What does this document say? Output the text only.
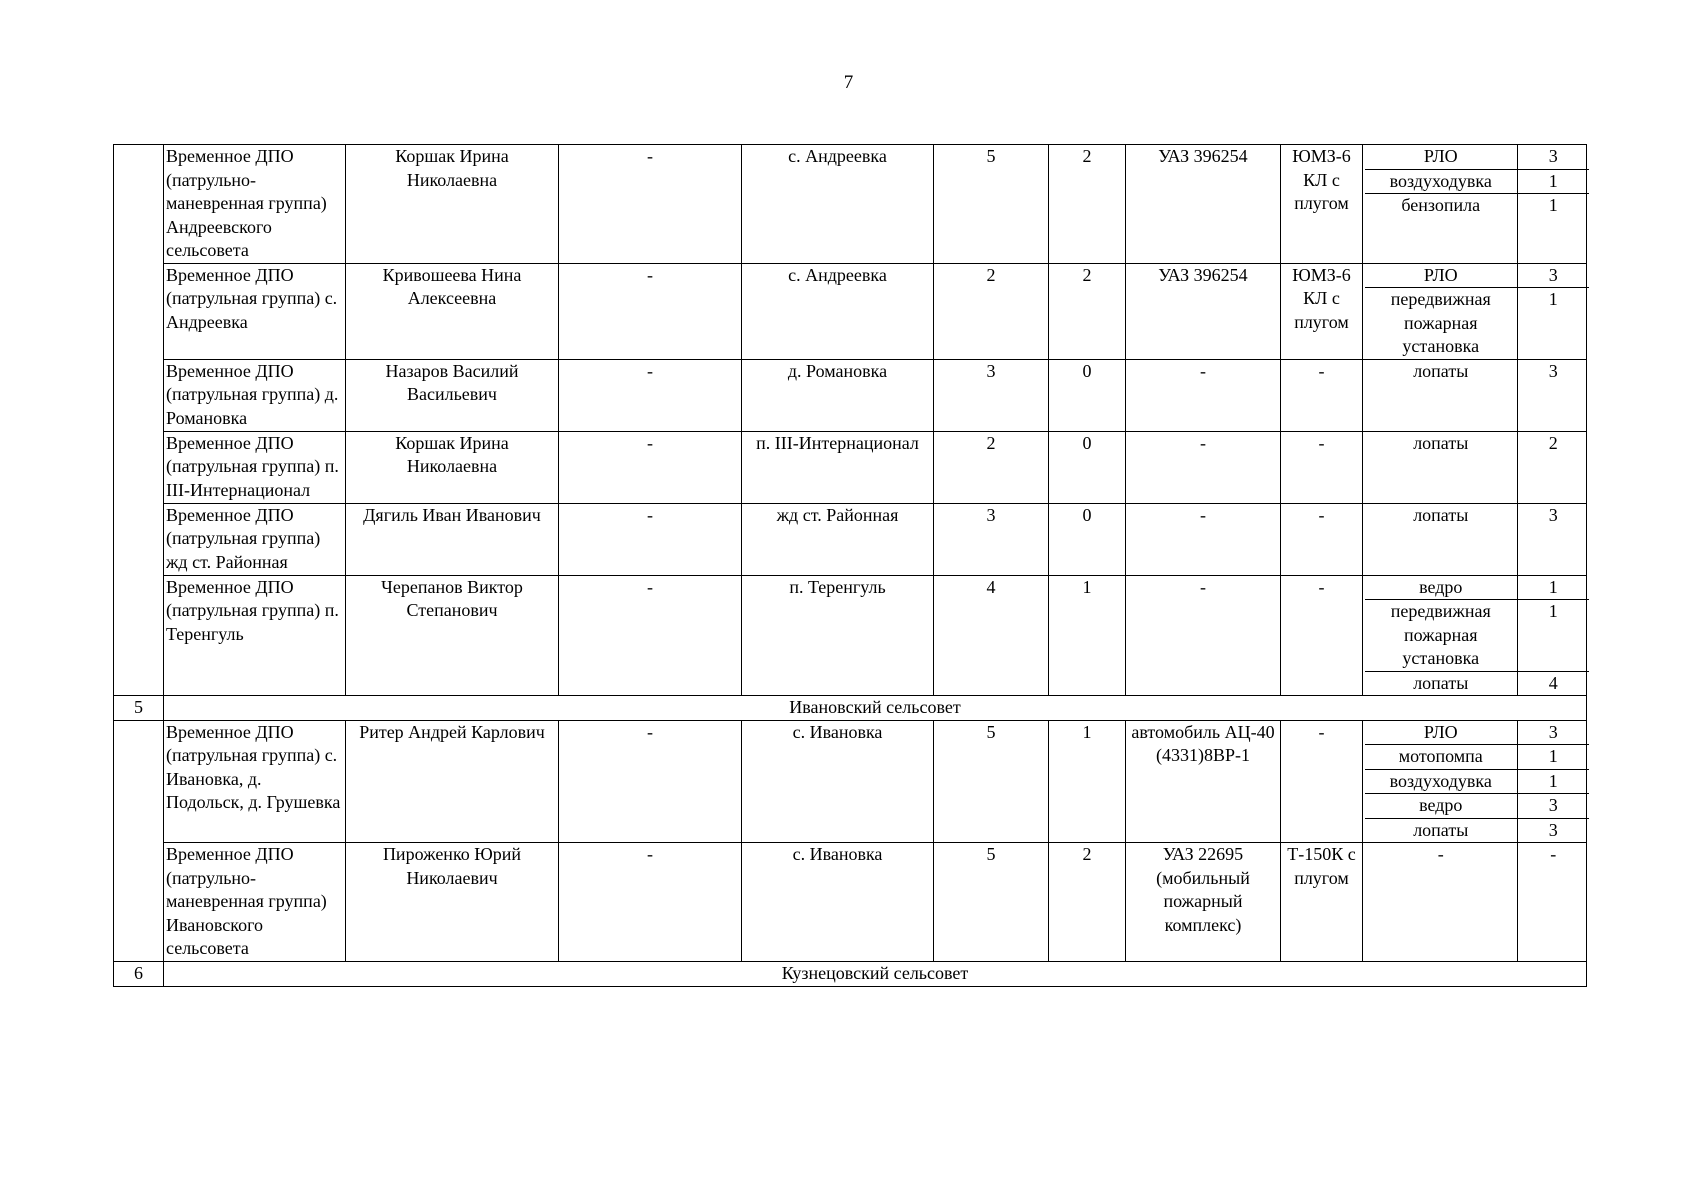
7
	Временное ДПО (патрульно-маневренная группа) Андреевского сельсовета	Коршак Ирина Николаевна	-	с. Андреевка	5	2	УАЗ 396254	ЮМЗ-6 КЛ с плугом	
РЛО	3
воздуходувка	1
бензопила	1

Временное ДПО (патрульная группа) с. Андреевка	Кривошеева Нина Алексеевна	-	с. Андреевка	2	2	УАЗ 396254	ЮМЗ-6 КЛ с плугом	
РЛО	3
передвижная пожарная установка	1

Временное ДПО (патрульная группа) д. Романовка	Назаров Василий Васильевич	-	д. Романовка	3	0	-	-		лопаты	3

Временное ДПО (патрульная группа) п. III-Интернационал	Коршак Ирина Николаевна	-	п. III-Интернационал	2	0	-	-		лопаты	2

Временное ДПО (патрульная группа) жд ст. Районная	Дягиль Иван Иванович	-	жд ст. Районная	3	0	-	-		лопаты	3

Временное ДПО (патрульная группа) п. Теренгуль	Черепанов Виктор Степанович	-	п. Теренгуль	4	1	-	-		ведро	1
передвижная пожарная установка	1
лопаты	4

5	Ивановский сельсовет
	Временное ДПО (патрульная группа) с. Ивановка, д. Подольск, д. Грушевка	Ритер Андрей Карлович	-	с. Ивановка	5	1	автомобиль АЦ-40 (4331)8ВР-1	-		РЛО	3
мотопомпа	1
воздуходувка	1
ведро	3
лопаты	3

Временное ДПО (патрульно-маневренная группа) Ивановского сельсовета	Пироженко Юрий Николаевич	-	с. Ивановка	5	2	УАЗ 22695 (мобильный пожарный комплекс)	Т-150К с плугом	
-	-

6	Кузнецовский сельсовет
